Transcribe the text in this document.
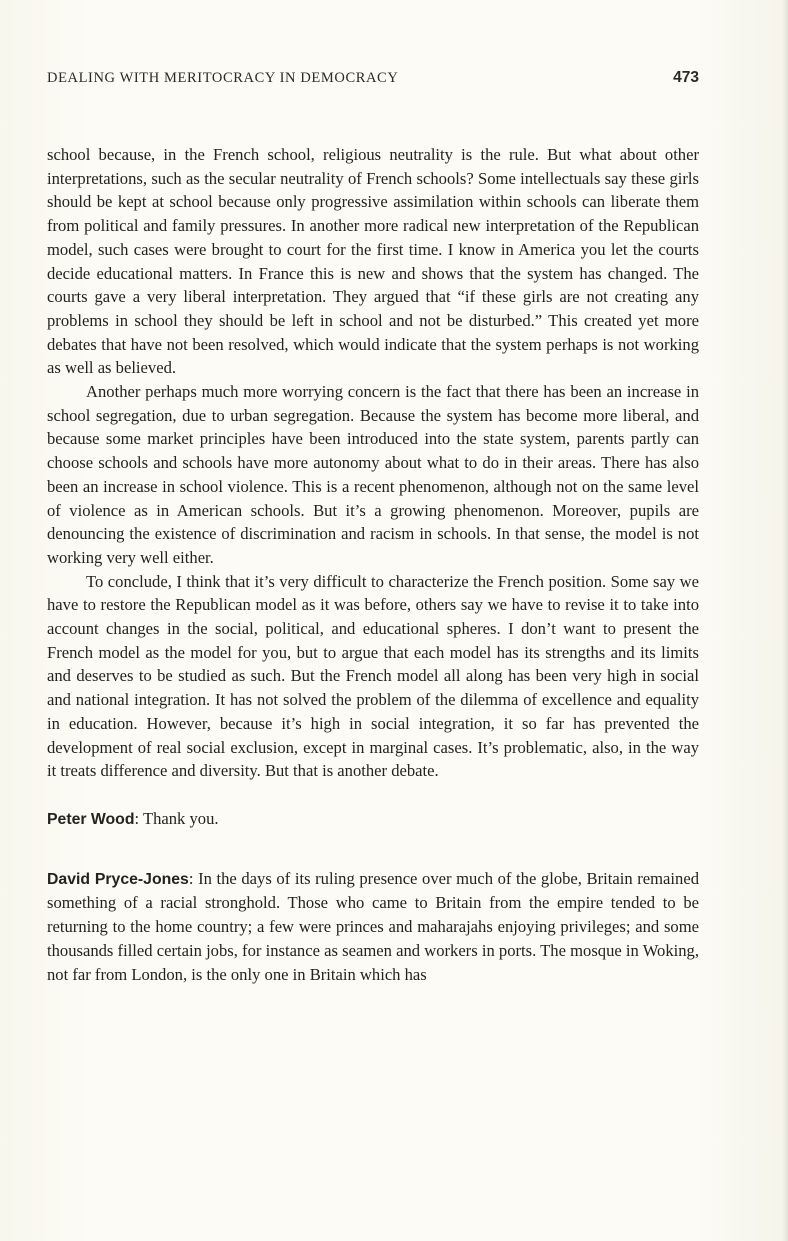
DEALING WITH MERITOCRACY IN DEMOCRACY	473

school because, in the French school, religious neutrality is the rule. But what about other interpretations, such as the secular neutrality of French schools? Some intellectuals say these girls should be kept at school because only progressive assimilation within schools can liberate them from political and family pressures. In another more radical new interpretation of the Republican model, such cases were brought to court for the first time. I know in America you let the courts decide educational matters. In France this is new and shows that the system has changed. The courts gave a very liberal interpretation. They argued that “if these girls are not creating any problems in school they should be left in school and not be disturbed.” This created yet more debates that have not been resolved, which would indicate that the system perhaps is not working as well as believed.

Another perhaps much more worrying concern is the fact that there has been an increase in school segregation, due to urban segregation. Because the system has become more liberal, and because some market principles have been introduced into the state system, parents partly can choose schools and schools have more autonomy about what to do in their areas. There has also been an increase in school violence. This is a recent phenomenon, although not on the same level of violence as in American schools. But it’s a growing phenomenon. Moreover, pupils are denouncing the existence of discrimination and racism in schools. In that sense, the model is not working very well either.

To conclude, I think that it’s very difficult to characterize the French position. Some say we have to restore the Republican model as it was before, others say we have to revise it to take into account changes in the social, political, and educational spheres. I don’t want to present the French model as the model for you, but to argue that each model has its strengths and its limits and deserves to be studied as such. But the French model all along has been very high in social and national integration. It has not solved the problem of the dilemma of excellence and equality in education. However, because it’s high in social integration, it so far has prevented the development of real social exclusion, except in marginal cases. It’s problematic, also, in the way it treats difference and diversity. But that is another debate.

Peter Wood: Thank you.

David Pryce-Jones: In the days of its ruling presence over much of the globe, Britain remained something of a racial stronghold. Those who came to Britain from the empire tended to be returning to the home country; a few were princes and maharajahs enjoying privileges; and some thousands filled certain jobs, for instance as seamen and workers in ports. The mosque in Woking, not far from London, is the only one in Britain which has
